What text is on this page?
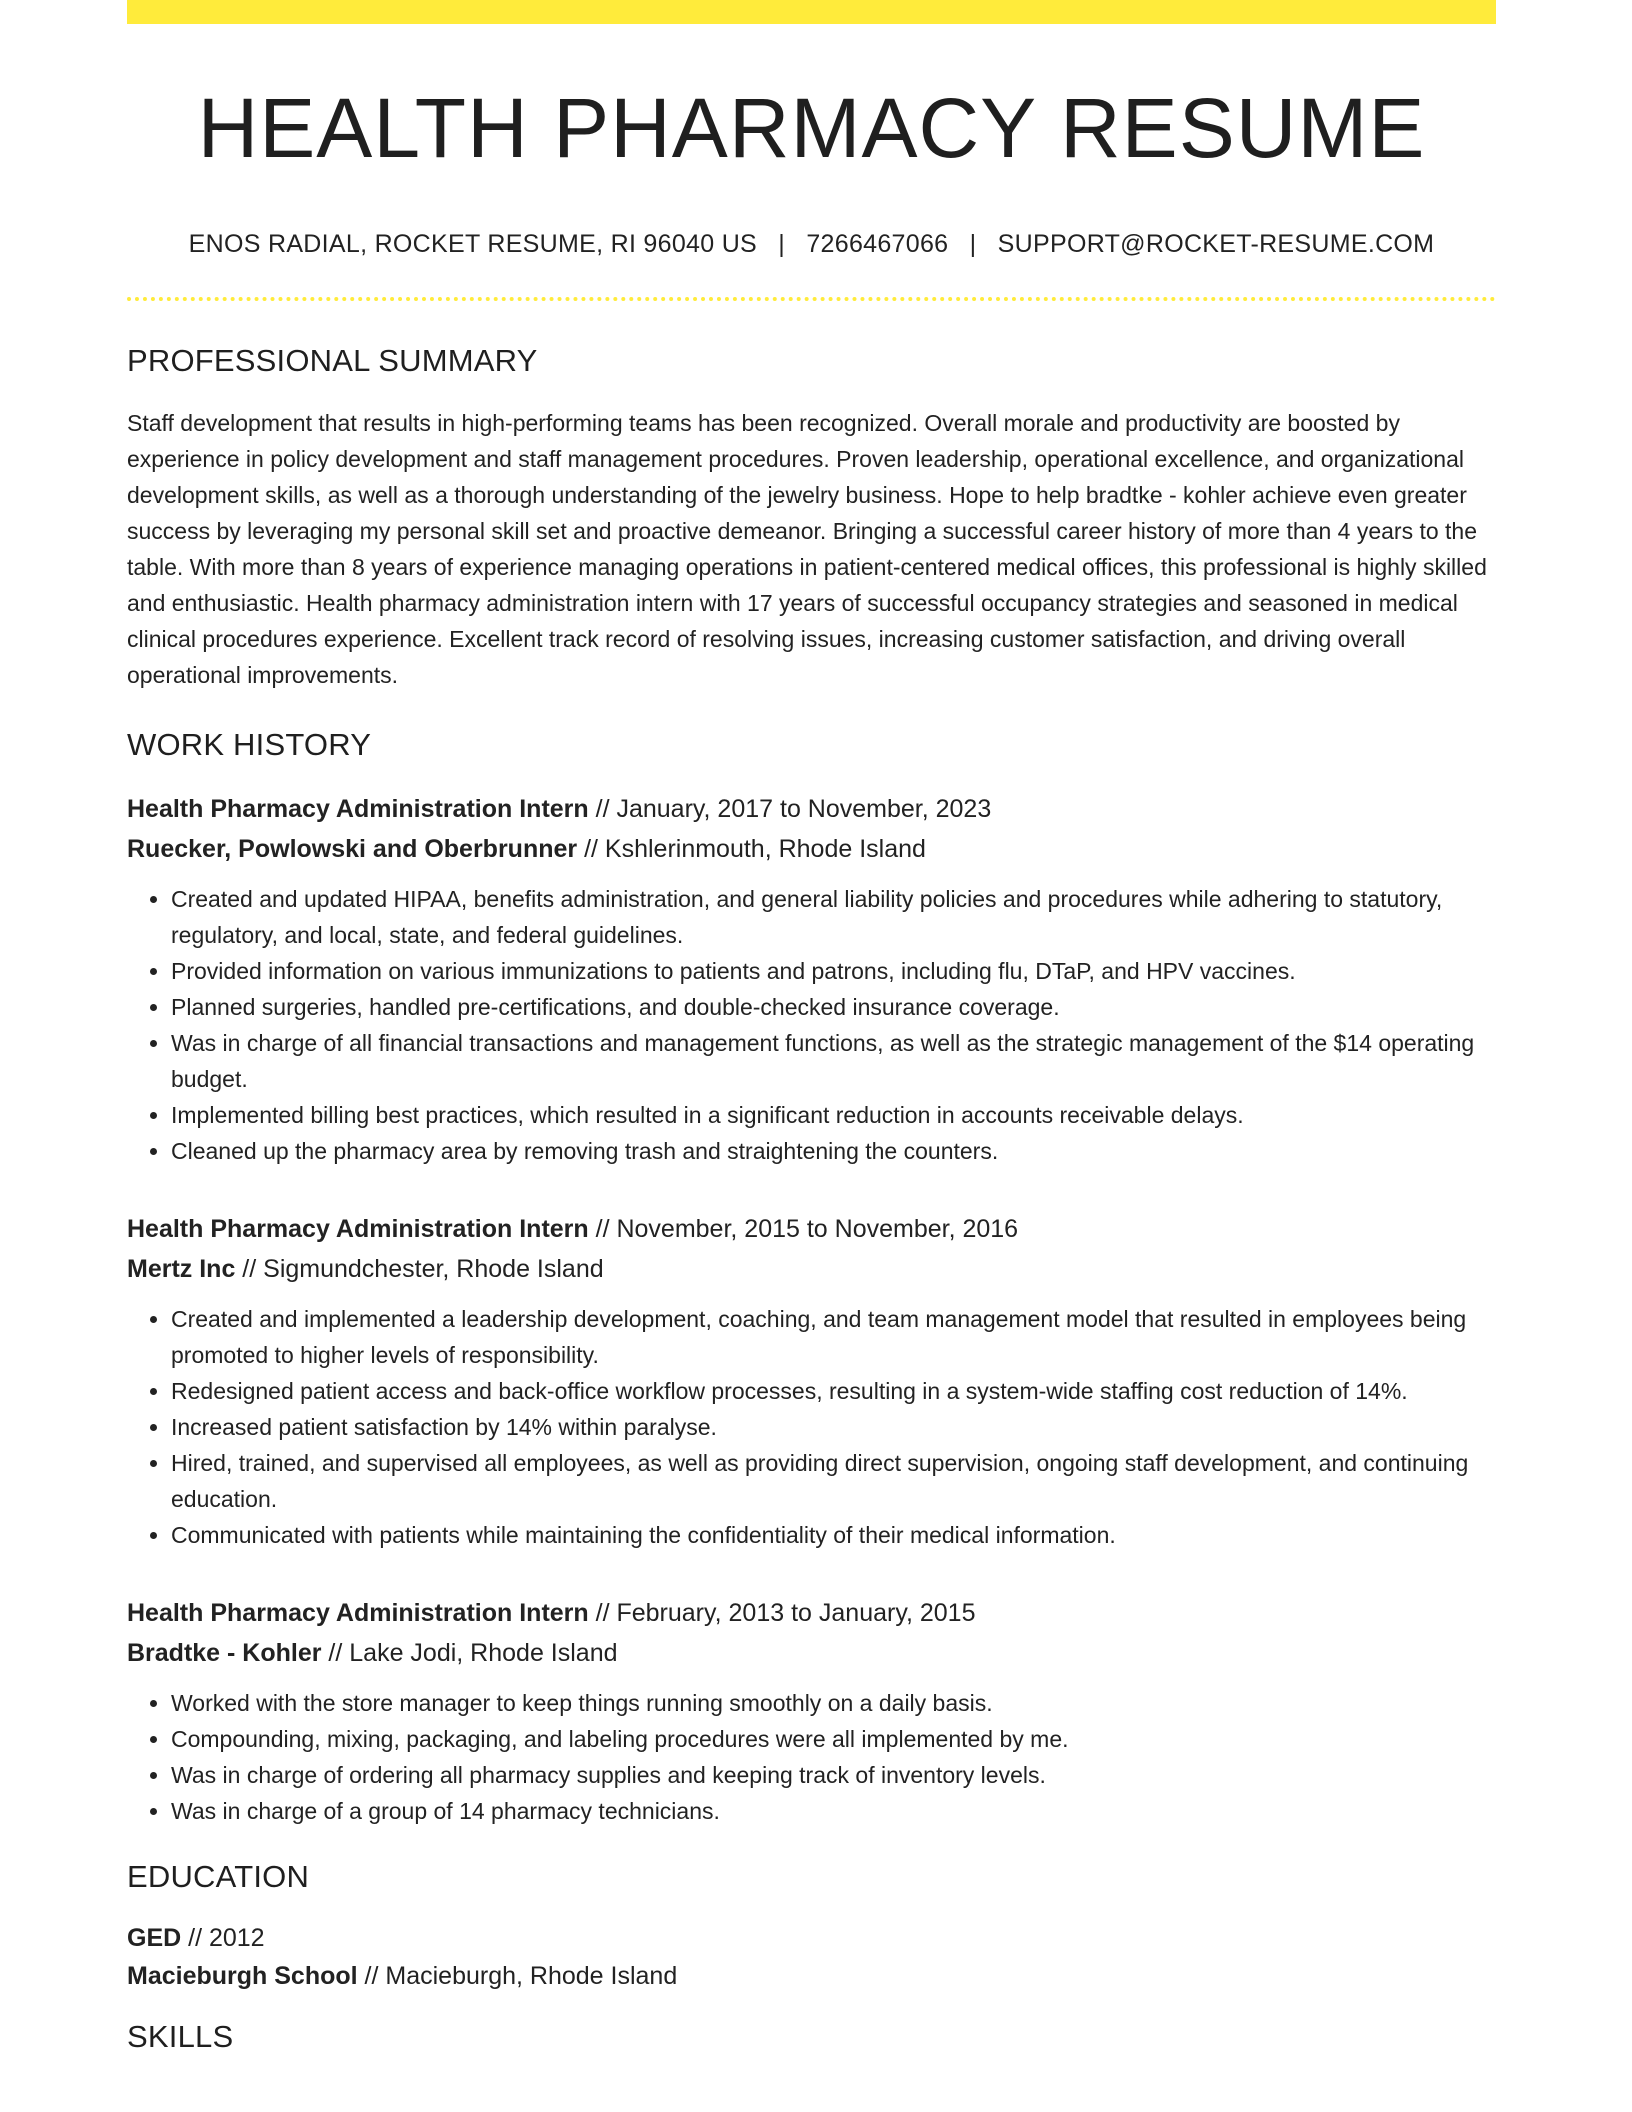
HEALTH PHARMACY RESUME
ENOS RADIAL, ROCKET RESUME, RI 96040 US | 7266467066 | SUPPORT@ROCKET-RESUME.COM
PROFESSIONAL SUMMARY
Staff development that results in high-performing teams has been recognized. Overall morale and productivity are boosted by experience in policy development and staff management procedures. Proven leadership, operational excellence, and organizational development skills, as well as a thorough understanding of the jewelry business. Hope to help bradtke - kohler achieve even greater success by leveraging my personal skill set and proactive demeanor. Bringing a successful career history of more than 4 years to the table. With more than 8 years of experience managing operations in patient-centered medical offices, this professional is highly skilled and enthusiastic. Health pharmacy administration intern with 17 years of successful occupancy strategies and seasoned in medical clinical procedures experience. Excellent track record of resolving issues, increasing customer satisfaction, and driving overall operational improvements.
WORK HISTORY
Health Pharmacy Administration Intern // January, 2017 to November, 2023
Ruecker, Powlowski and Oberbrunner // Kshlerinmouth, Rhode Island
• Created and updated HIPAA, benefits administration, and general liability policies and procedures while adhering to statutory, regulatory, and local, state, and federal guidelines.
• Provided information on various immunizations to patients and patrons, including flu, DTaP, and HPV vaccines.
• Planned surgeries, handled pre-certifications, and double-checked insurance coverage.
• Was in charge of all financial transactions and management functions, as well as the strategic management of the $14 operating budget.
• Implemented billing best practices, which resulted in a significant reduction in accounts receivable delays.
• Cleaned up the pharmacy area by removing trash and straightening the counters.
Health Pharmacy Administration Intern // November, 2015 to November, 2016
Mertz Inc // Sigmundchester, Rhode Island
• Created and implemented a leadership development, coaching, and team management model that resulted in employees being promoted to higher levels of responsibility.
• Redesigned patient access and back-office workflow processes, resulting in a system-wide staffing cost reduction of 14%.
• Increased patient satisfaction by 14% within paralyse.
• Hired, trained, and supervised all employees, as well as providing direct supervision, ongoing staff development, and continuing education.
• Communicated with patients while maintaining the confidentiality of their medical information.
Health Pharmacy Administration Intern // February, 2013 to January, 2015
Bradtke - Kohler // Lake Jodi, Rhode Island
• Worked with the store manager to keep things running smoothly on a daily basis.
• Compounding, mixing, packaging, and labeling procedures were all implemented by me.
• Was in charge of ordering all pharmacy supplies and keeping track of inventory levels.
• Was in charge of a group of 14 pharmacy technicians.
EDUCATION
GED // 2012
Macieburgh School // Macieburgh, Rhode Island
SKILLS
